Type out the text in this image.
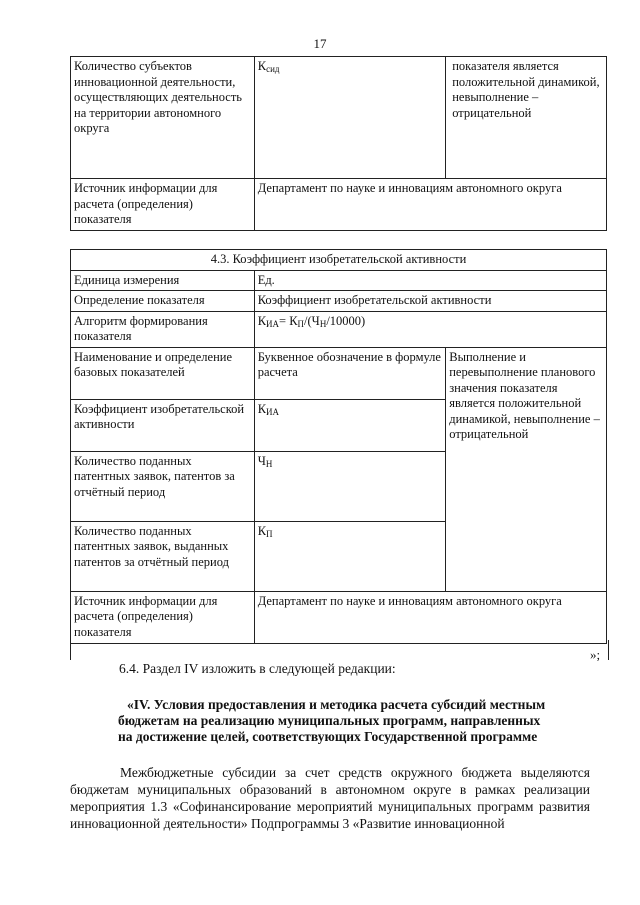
17
Количество субъектов инновационной деятельности, осуществляющих деятельность на территории автономного округа	$К_{сид}$	показателя является положительной динамикой, невыполнение – отрицательной
Источник информации для расчета (определения) показателя	Департамент по науке и инновациям автономного округа	
4.3. Коэффициент изобретательской активности		
Единица измерения	Ед.	
Определение показателя	Коэффициент изобретательской активности	
Алгоритм формирования показателя	$К_{ИА}= К_П/(Ч_Н/10000)$	
Наименование и определение базовых показателей	Буквенное обозначение в формуле расчета	Выполнение и перевыполнение планового значения показателя является положительной динамикой, невыполнение – отрицательной
Коэффициент изобретательской активности	$К_{ИА}$
Количество поданных патентных заявок, патентов за отчётный период	$Ч_Н$
Количество поданных патентных заявок, выданных патентов за отчётный период	$К_П$
Источник информации для расчета (определения) показателя	Департамент по науке и инновациям автономного округа	
»;
6.4. Раздел IV изложить в следующей редакции:
«IV. Условия предоставления и методика расчета субсидий местным
бюджетам на реализацию муниципальных программ, направленных
на достижение целей, соответствующих Государственной программе
Межбюджетные субсидии за счет средств окружного бюджета выделяются бюджетам муниципальных образований в автономном округе в рамках реализации мероприятия 1.3 «Софинансирование мероприятий муниципальных программ развития инновационной деятельности» Подпрограммы 3 «Развитие инновационной
